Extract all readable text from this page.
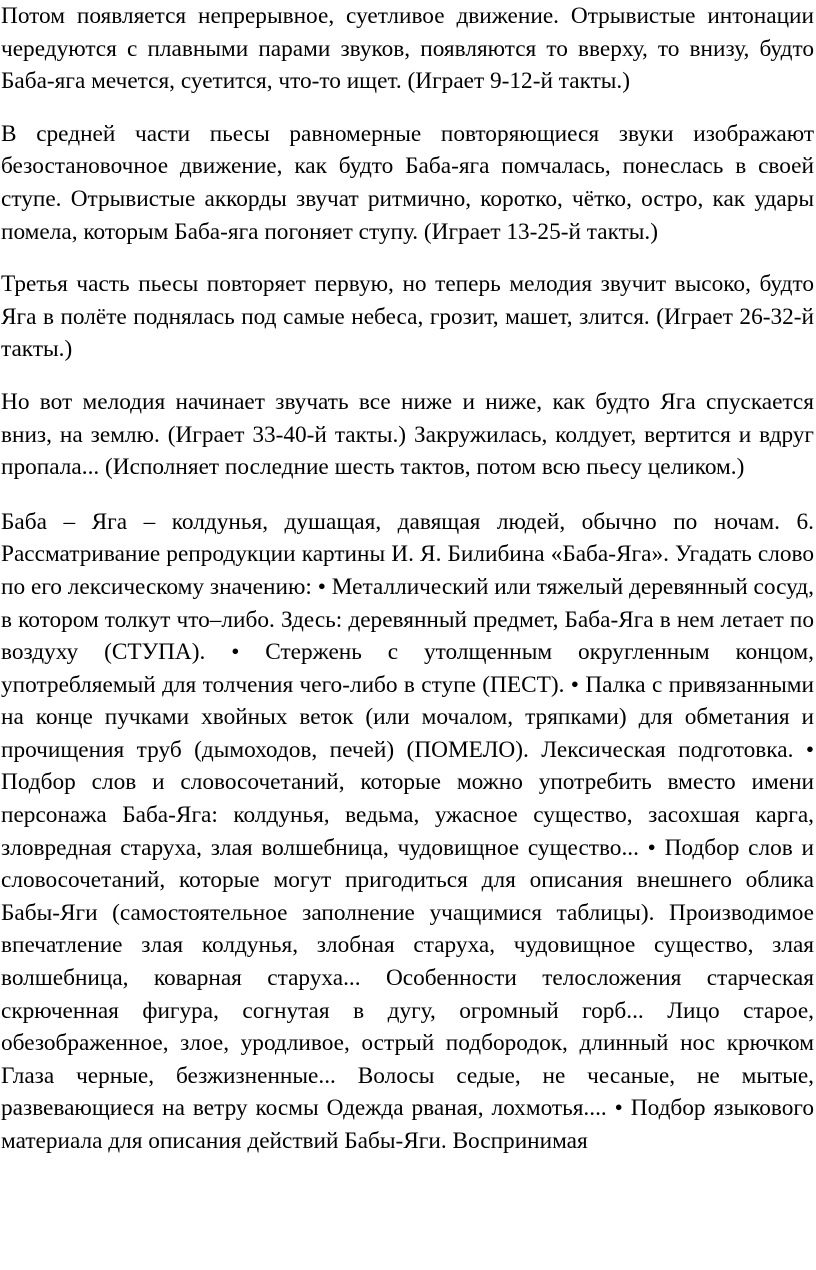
Потом появляется непрерывное, суетливое движение. Отрывистые интонации чередуются с плавными парами звуков, появляются то вверху, то внизу, будто Баба-яга мечется, суетится, что-то ищет. (Играет 9-12-й такты.)

В средней части пьесы равномерные повторяющиеся звуки изображают безостановочное движение, как будто Баба-яга помчалась, понеслась в своей ступе. Отрывистые аккорды звучат ритмично, коротко, чётко, остро, как удары помела, которым Баба-яга погоняет ступу. (Играет 13-25-й такты.)

Третья часть пьесы повторяет первую, но теперь мелодия звучит высоко, будто Яга в полёте поднялась под самые небеса, грозит, машет, злится. (Играет 26-32-й такты.)

Но вот мелодия начинает звучать все ниже и ниже, как будто Яга спускается вниз, на землю. (Играет 33-40-й такты.) Закружилась, колдует, вертится и вдруг пропала... (Исполняет последние шесть тактов, потом всю пьесу целиком.)

Баба – Яга – колдунья, душащая, давящая людей, обычно по ночам. 6. Рассматривание репродукции картины И. Я. Билибина «Баба-Яга». Угадать слово по его лексическому значению: • Металлический или тяжелый деревянный сосуд, в котором толкут что–либо. Здесь: деревянный предмет, Баба-Яга в нем летает по воздуху (СТУПА). • Стержень с утолщенным округленным концом, употребляемый для толчения чего-либо в ступе (ПЕСТ). • Палка с привязанными на конце пучками хвойных веток (или мочалом, тряпками) для обметания и прочищения труб (дымоходов, печей) (ПОМЕЛО). Лексическая подготовка. • Подбор слов и словосочетаний, которые можно употребить вместо имени персонажа Баба-Яга: колдунья, ведьма, ужасное существо, засохшая карга, зловредная старуха, злая волшебница, чудовищное существо... • Подбор слов и словосочетаний, которые могут пригодиться для описания внешнего облика Бабы-Яги (самостоятельное заполнение учащимися таблицы). Производимое впечатление злая колдунья, злобная старуха, чудовищное существо, злая волшебница, коварная старуха... Особенности телосложения старческая скрюченная фигура, согнутая в дугу, огромный горб... Лицо старое, обезображенное, злое, уродливое, острый подбородок, длинный нос крючком Глаза черные, безжизненные... Волосы седые, не чесаные, не мытые, развевающиеся на ветру космы Одежда рваная, лохмотья.... • Подбор языкового материала для описания действий Бабы-Яги. Воспринимая
